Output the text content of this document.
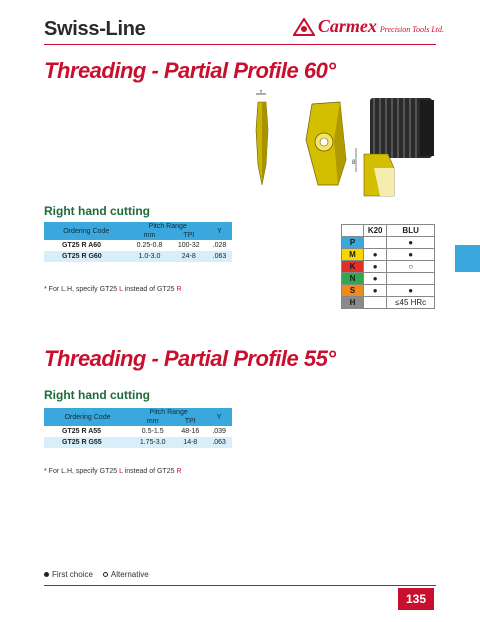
Swiss-Line	Carmex Precision Tools Ltd.
Threading - Partial Profile 60°
Y
8
Right hand cutting
Ordering Code	Pitch Range		Y
	mm	TPI	
GT25 R A60	0.25-0.8	100-32	.028
GT25 R G60	1.0-3.0	24-8	.063
* For L.H, specify GT25 L instead of GT25 R
	K20	BLU
P		●
M	●	●
K	●	○
N	●	
S	●	●
H		≤45 HRc
Threading - Partial Profile 55°
Right hand cutting
Ordering Code	Pitch Range		Y
	mm	TPI	
GT25 R A55	0.5-1.5	48-16	.039
GT25 R G55	1.75-3.0	14-8	.063
* For L.H, specify GT25 L instead of GT25 R
First choice	Alternative
135
